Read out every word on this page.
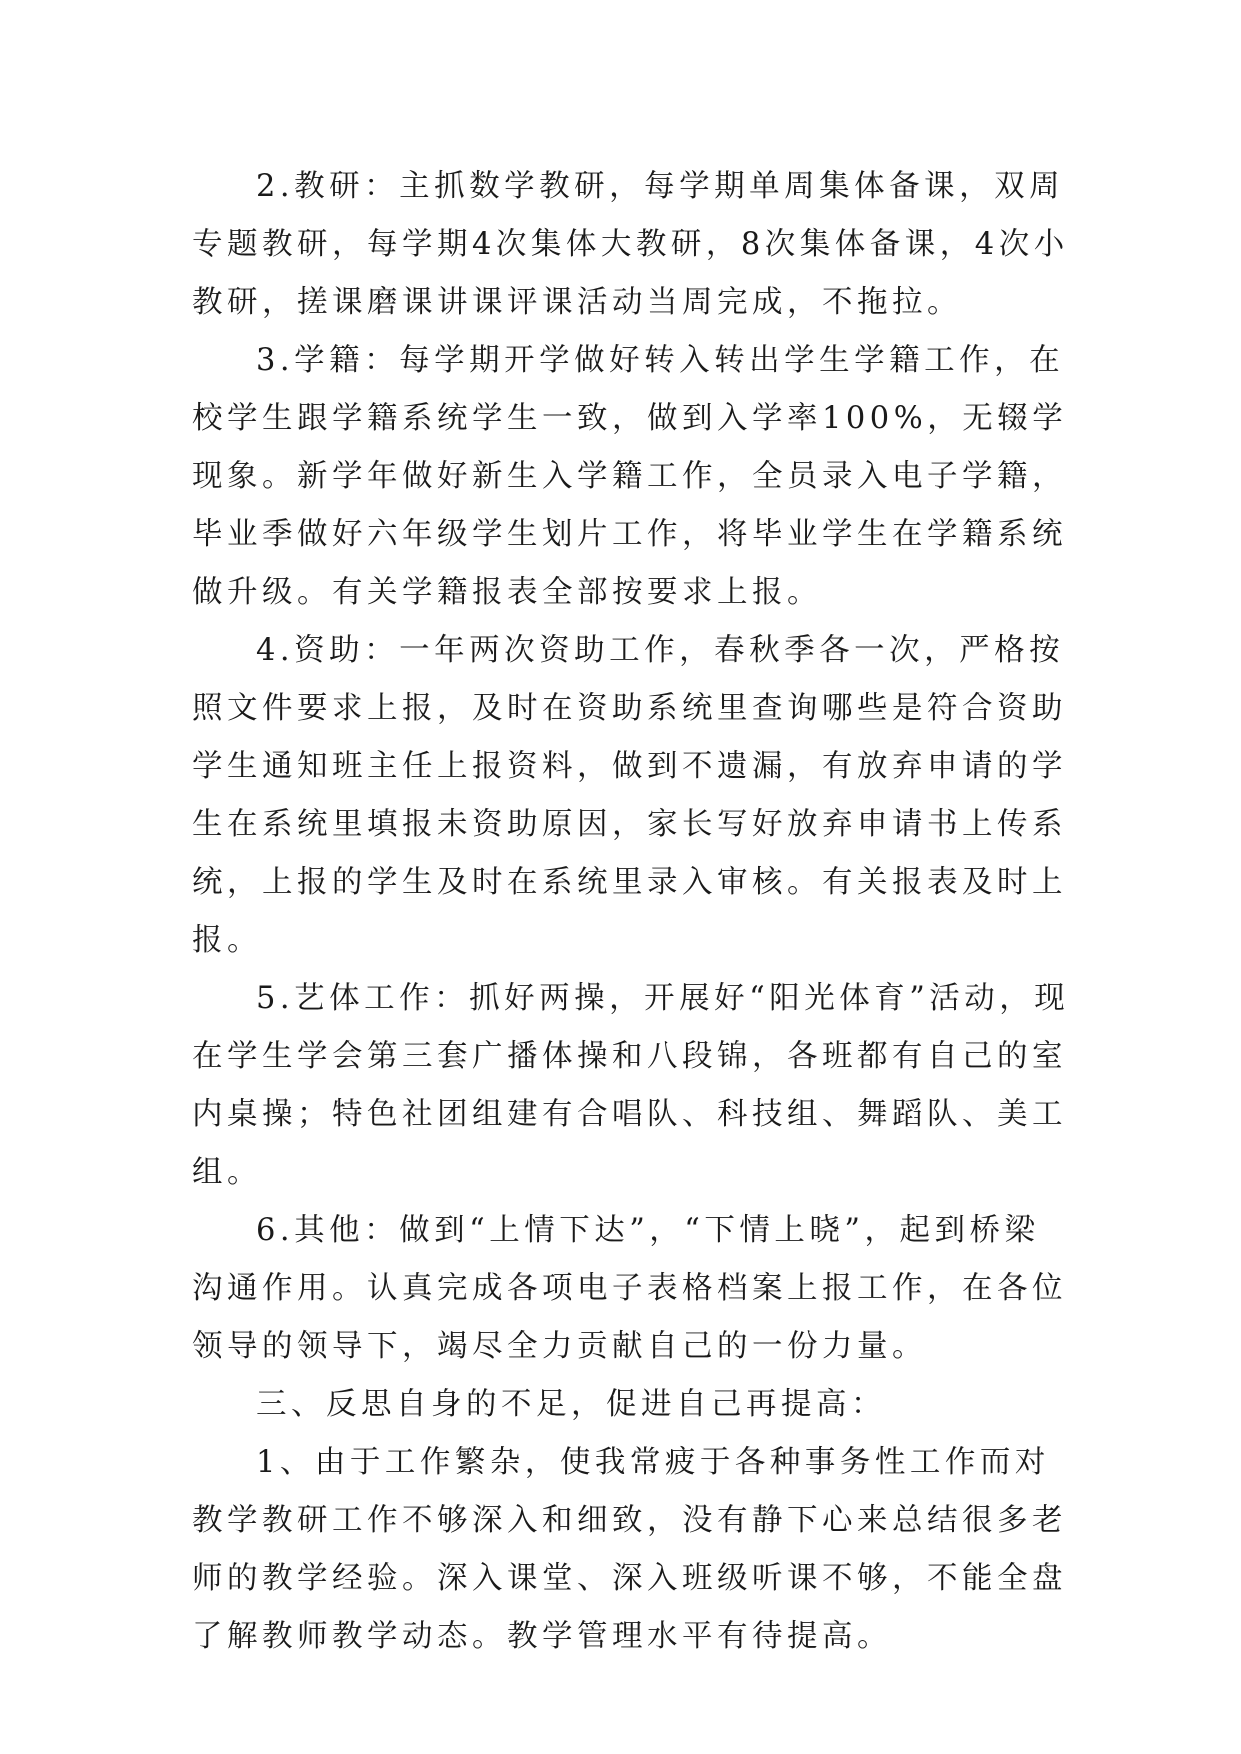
2.教研：主抓数学教研，每学期单周集体备课，双周专题教研，每学期4次集体大教研，8次集体备课，4次小教研，搓课磨课讲课评课活动当周完成，不拖拉。

3.学籍：每学期开学做好转入转出学生学籍工作，在校学生跟学籍系统学生一致，做到入学率100%，无辍学现象。新学年做好新生入学籍工作，全员录入电子学籍，毕业季做好六年级学生划片工作，将毕业学生在学籍系统做升级。有关学籍报表全部按要求上报。

4.资助：一年两次资助工作，春秋季各一次，严格按照文件要求上报，及时在资助系统里查询哪些是符合资助学生通知班主任上报资料，做到不遗漏，有放弃申请的学生在系统里填报未资助原因，家长写好放弃申请书上传系统，上报的学生及时在系统里录入审核。有关报表及时上报。

5.艺体工作：抓好两操，开展好“阳光体育”活动，现在学生学会第三套广播体操和八段锦，各班都有自己的室内桌操；特色社团组建有合唱队、科技组、舞蹈队、美工组。

6.其他：做到“上情下达”，“下情上晓”，起到桥梁沟通作用。认真完成各项电子表格档案上报工作，在各位领导的领导下，竭尽全力贡献自己的一份力量。

三、反思自身的不足，促进自己再提高：

1、由于工作繁杂，使我常疲于各种事务性工作而对教学教研工作不够深入和细致，没有静下心来总结很多老师的教学经验。深入课堂、深入班级听课不够，不能全盘了解教师教学动态。教学管理水平有待提高。
